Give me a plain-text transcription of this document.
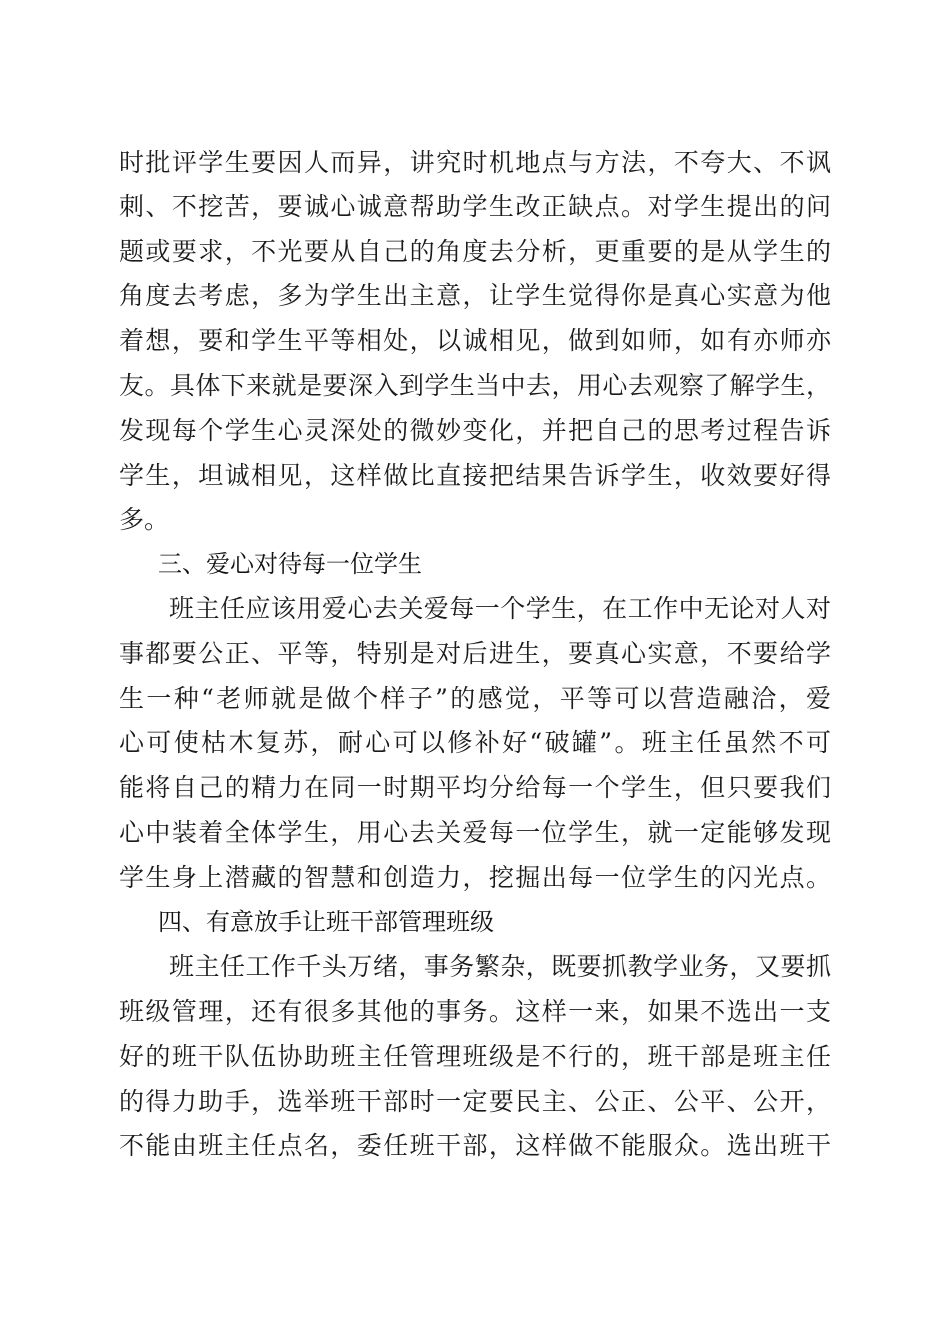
时批评学生要因人而异，讲究时机地点与方法，不夸大、不讽
刺、不挖苦，要诚心诚意帮助学生改正缺点。对学生提出的问
题或要求，不光要从自己的角度去分析，更重要的是从学生的
角度去考虑，多为学生出主意，让学生觉得你是真心实意为他
着想，要和学生平等相处，以诚相见，做到如师，如有亦师亦
友。具体下来就是要深入到学生当中去，用心去观察了解学生，
发现每个学生心灵深处的微妙变化，并把自己的思考过程告诉
学生，坦诚相见，这样做比直接把结果告诉学生，收效要好得
多。
三、爱心对待每一位学生
班主任应该用爱心去关爱每一个学生，在工作中无论对人对
事都要公正、平等，特别是对后进生，要真心实意，不要给学
生一种“老师就是做个样子”的感觉，平等可以营造融洽，爱
心可使枯木复苏，耐心可以修补好“破罐”。班主任虽然不可
能将自己的精力在同一时期平均分给每一个学生，但只要我们
心中装着全体学生，用心去关爱每一位学生，就一定能够发现
学生身上潜藏的智慧和创造力，挖掘出每一位学生的闪光点。
四、有意放手让班干部管理班级
班主任工作千头万绪，事务繁杂，既要抓教学业务，又要抓
班级管理，还有很多其他的事务。这样一来，如果不选出一支
好的班干队伍协助班主任管理班级是不行的，班干部是班主任
的得力助手，选举班干部时一定要民主、公正、公平、公开，
不能由班主任点名，委任班干部，这样做不能服众。选出班干
